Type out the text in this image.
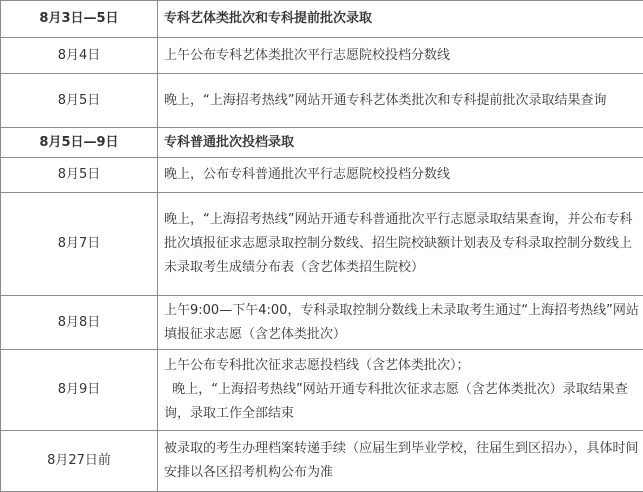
8月3日—5日	专科艺体类批次和专科提前批次录取
8月4日	上午公布专科艺体类批次平行志愿院校投档分数线
8月5日	晚上，“上海招考热线”网站开通专科艺体类批次和专科提前批次录取结果查询
8月5日—9日	专科普通批次投档录取
8月5日	晚上，公布专科普通批次平行志愿院校投档分数线
8月7日	晚上，“上海招考热线”网站开通专科普通批次平行志愿录取结果查询，并公布专科批次填报征求志愿录取控制分数线、招生院校缺额计划表及专科录取控制分数线上未录取考生成绩分布表（含艺体类招生院校）
8月8日	上午9:00—下午4:00，专科录取控制分数线上未录取考生通过“上海招考热线”网站填报征求志愿（含艺体类批次）
8月9日	上午公布专科批次征求志愿投档线（含艺体类批次）；
晚上，“上海招考热线”网站开通专科批次征求志愿（含艺体类批次）录取结果查询，录取工作全部结束
8月27日前	被录取的考生办理档案转递手续（应届生到毕业学校，往届生到区招办），具体时间安排以各区招考机构公布为准
